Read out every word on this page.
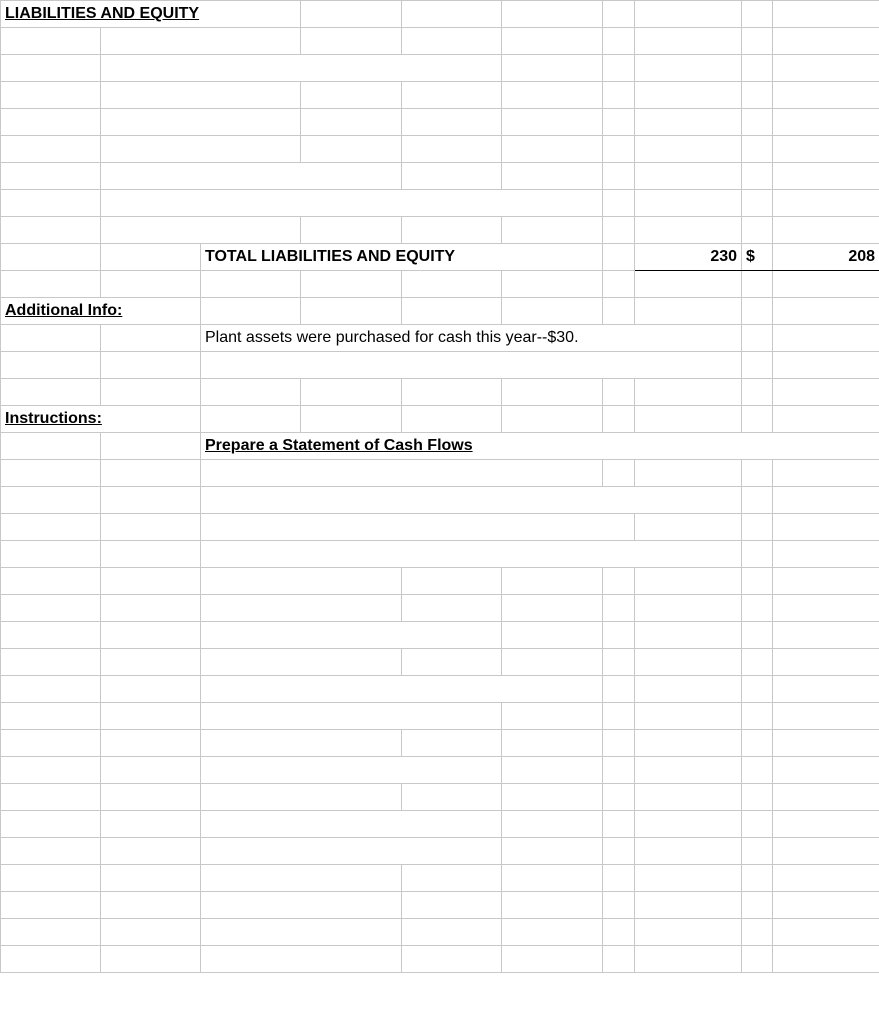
LIABILITIES AND EQUITY									

		TOTAL LIABILITIES AND EQUITY					230	$	208

Additional Info:									
		Plant assets were purchased for cash this year--$30.							

Instructions:									
		Prepare a Statement of Cash Flows							
